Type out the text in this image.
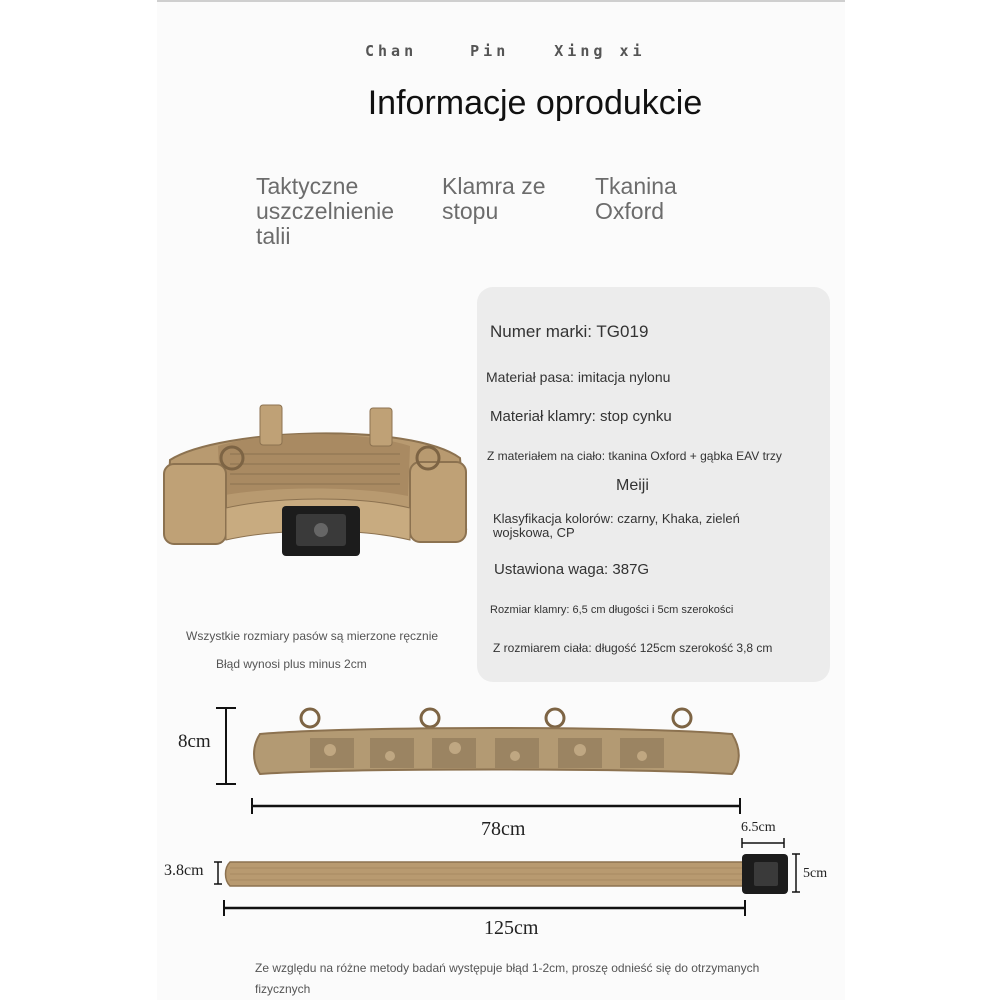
Chan	Pin	Xing xi
Informacje oprodukcie
Taktyczne uszczelnienie talii
Klamra ze stopu
Tkanina Oxford
Numer marki: TG019
Materiał pasa: imitacja nylonu
Materiał klamry: stop cynku
Z materiałem na ciało: tkanina Oxford + gąbka EAV trzy
Meiji
Klasyfikacja kolorów: czarny, Khaka, zieleń wojskowa, CP
Ustawiona waga: 387G
Rozmiar klamry: 6,5 cm długości i 5cm szerokości
Z rozmiarem ciała: długość 125cm szerokość 3,8 cm
Wszystkie rozmiary pasów są mierzone ręcznie
Błąd wynosi plus minus 2cm
8cm
78cm	6.5cm
3.8cm	5cm
125cm
Ze względu na różne metody badań występuje błąd 1-2cm, proszę odnieść się do otrzymanych fizycznych
